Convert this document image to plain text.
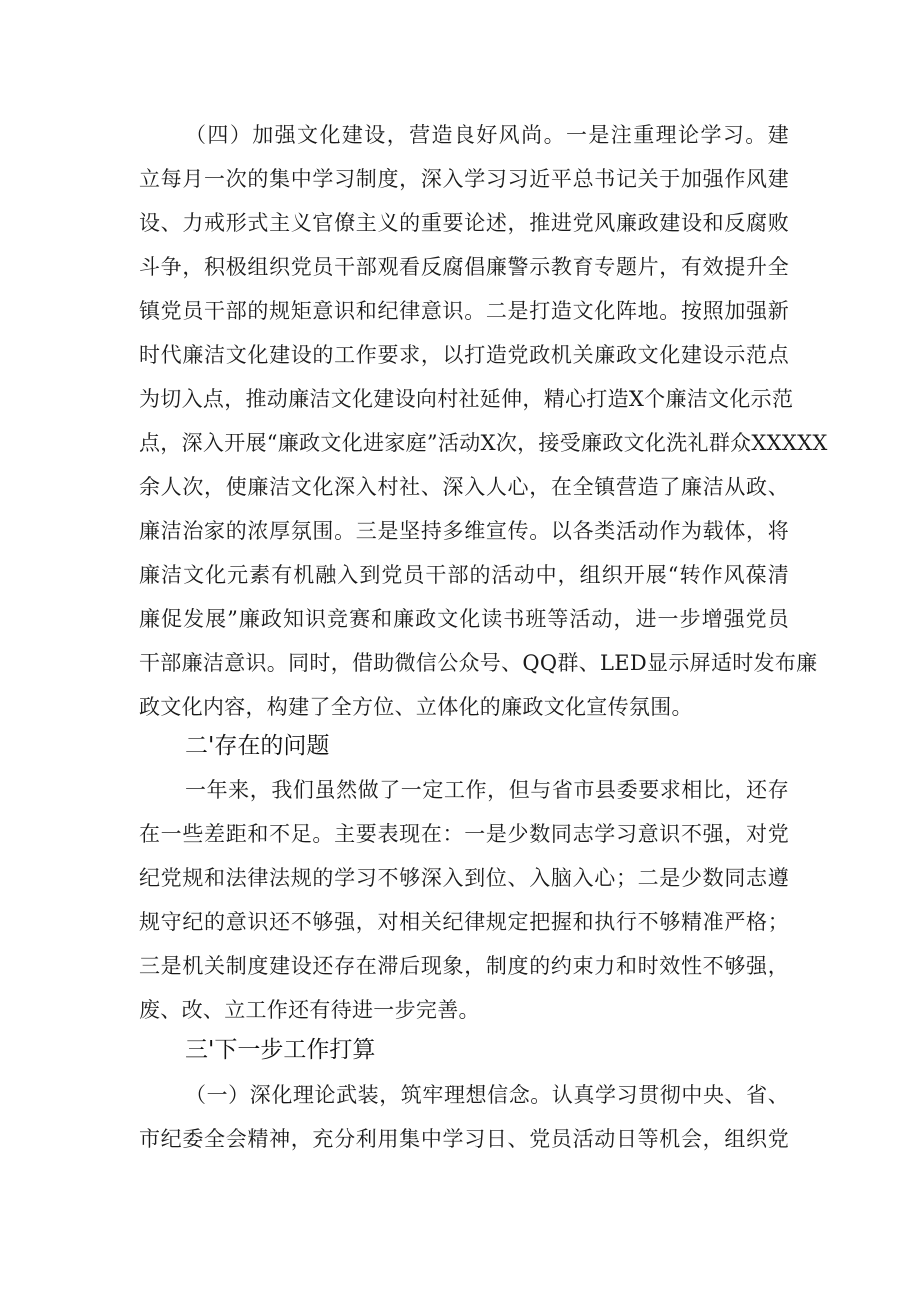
（四）加强文化建设，营造良好风尚。一是注重理论学习。建
立每月一次的集中学习制度，深入学习习近平总书记关于加强作风建
设、力戒形式主义官僚主义的重要论述，推进党风廉政建设和反腐败
斗争，积极组织党员干部观看反腐倡廉警示教育专题片，有效提升全
镇党员干部的规矩意识和纪律意识。二是打造文化阵地。按照加强新
时代廉洁文化建设的工作要求，以打造党政机关廉政文化建设示范点
为切入点，推动廉洁文化建设向村社延伸，精心打造X个廉洁文化示范
点，深入开展“廉政文化进家庭”活动X次，接受廉政文化洗礼群众XXXXX
余人次，使廉洁文化深入村社、深入人心，在全镇营造了廉洁从政、
廉洁治家的浓厚氛围。三是坚持多维宣传。以各类活动作为载体，将
廉洁文化元素有机融入到党员干部的活动中，组织开展“转作风葆清
廉促发展”廉政知识竞赛和廉政文化读书班等活动，进一步增强党员
干部廉洁意识。同时，借助微信公众号、QQ群、LED显示屏适时发布廉
政文化内容，构建了全方位、立体化的廉政文化宣传氛围。
二'存在的问题
一年来，我们虽然做了一定工作，但与省市县委要求相比，还存
在一些差距和不足。主要表现在：一是少数同志学习意识不强，对党
纪党规和法律法规的学习不够深入到位、入脑入心；二是少数同志遵
规守纪的意识还不够强，对相关纪律规定把握和执行不够精准严格；
三是机关制度建设还存在滞后现象，制度的约束力和时效性不够强，
废、改、立工作还有待进一步完善。
三'下一步工作打算
（一）深化理论武装，筑牢理想信念。认真学习贯彻中央、省、
市纪委全会精神，充分利用集中学习日、党员活动日等机会，组织党
